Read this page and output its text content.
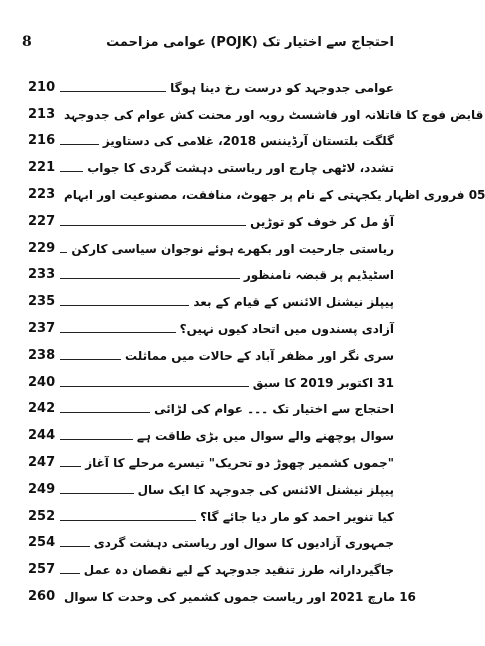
8	احتجاج سے اختیار تک (POJK) عوامی مزاحمت
210	عوامی جدوجہد کو درست رخ دینا ہوگا
213 قابض فوج کا قاتلانہ اور فاشسٹ رویہ اور محنت کش عوام کی جدوجہد
216	گلگت بلتستان آرڈیننس 2018، غلامی کی دستاویز
221	تشدد، لاٹھی چارج اور ریاستی دہشت گردی کا جواب
223 05 فروری اظہار یکجہتی کے نام پر جھوٹ، منافقت، مصنوعیت اور ابہام
227	آؤ مل کر خوف کو توڑیں
229 ریاستی جارحیت اور بکھرے ہوئے نوجوان سیاسی کارکن
233	اسٹیڈیم پر قبضہ نامنظور
235	پیپلز نیشنل الائنس کے قیام کے بعد
237	آزادی پسندوں میں اتحاد کیوں نہیں؟
238	سری نگر اور مظفر آباد کے حالات میں مماثلت
240	31 اکتوبر 2019 کا سبق
242	احتجاج سے اختیار تک ۔۔۔ عوام کی لڑائی
244	سوال پوچھنے والے سوال میں بڑی طاقت ہے
247	"جموں کشمیر چھوڑ دو تحریک" تیسرے مرحلے کا آغاز
249	پیپلز نیشنل الائنس کی جدوجہد کا ایک سال
252	کیا تنویر احمد کو مار دیا جائے گا؟
254	جمہوری آزادیوں کا سوال اور ریاستی دہشت گردی
257 جاگیردارانہ طرز تنقید جدوجہد کے لیے نقصان دہ عمل
260 16 مارچ 2021 اور ریاست جموں کشمیر کی وحدت کا سوال
